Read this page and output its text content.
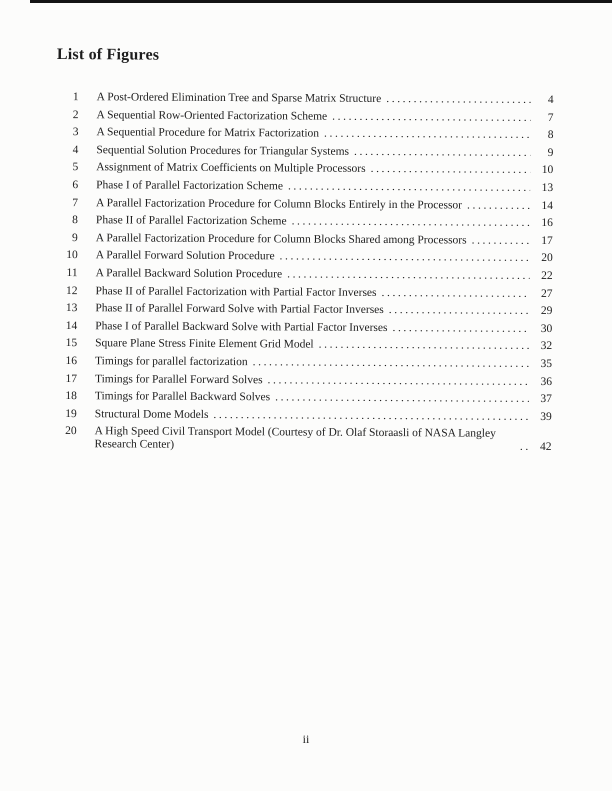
List of Figures
1 A Post-Ordered Elimination Tree and Sparse Matrix Structure .....	4
2 A Sequential Row-Oriented Factorization Scheme .....	7
3 A Sequential Procedure for Matrix Factorization .....	8
4 Sequential Solution Procedures for Triangular Systems .....	9
5 Assignment of Matrix Coefficients on Multiple Processors .....	10
6 Phase I of Parallel Factorization Scheme .....	13
7 A Parallel Factorization Procedure for Column Blocks Entirely in the Processor .....	14
8 Phase II of Parallel Factorization Scheme .....	16
9 A Parallel Factorization Procedure for Column Blocks Shared among Processors .....	17
10 A Parallel Forward Solution Procedure .....	20
11 A Parallel Backward Solution Procedure .....	22
12 Phase II of Parallel Factorization with Partial Factor Inverses .....	27
13 Phase II of Parallel Forward Solve with Partial Factor Inverses .....	29
14 Phase I of Parallel Backward Solve with Partial Factor Inverses .....	30
15 Square Plane Stress Finite Element Grid Model .....	32
16 Timings for parallel factorization .....	35
17 Timings for Parallel Forward Solves .....	36
18 Timings for Parallel Backward Solves .....	37
19 Structural Dome Models .....	39
20 A High Speed Civil Transport Model (Courtesy of Dr. Olaf Storaasli of NASA Langley Research Center) .....	42
ii
